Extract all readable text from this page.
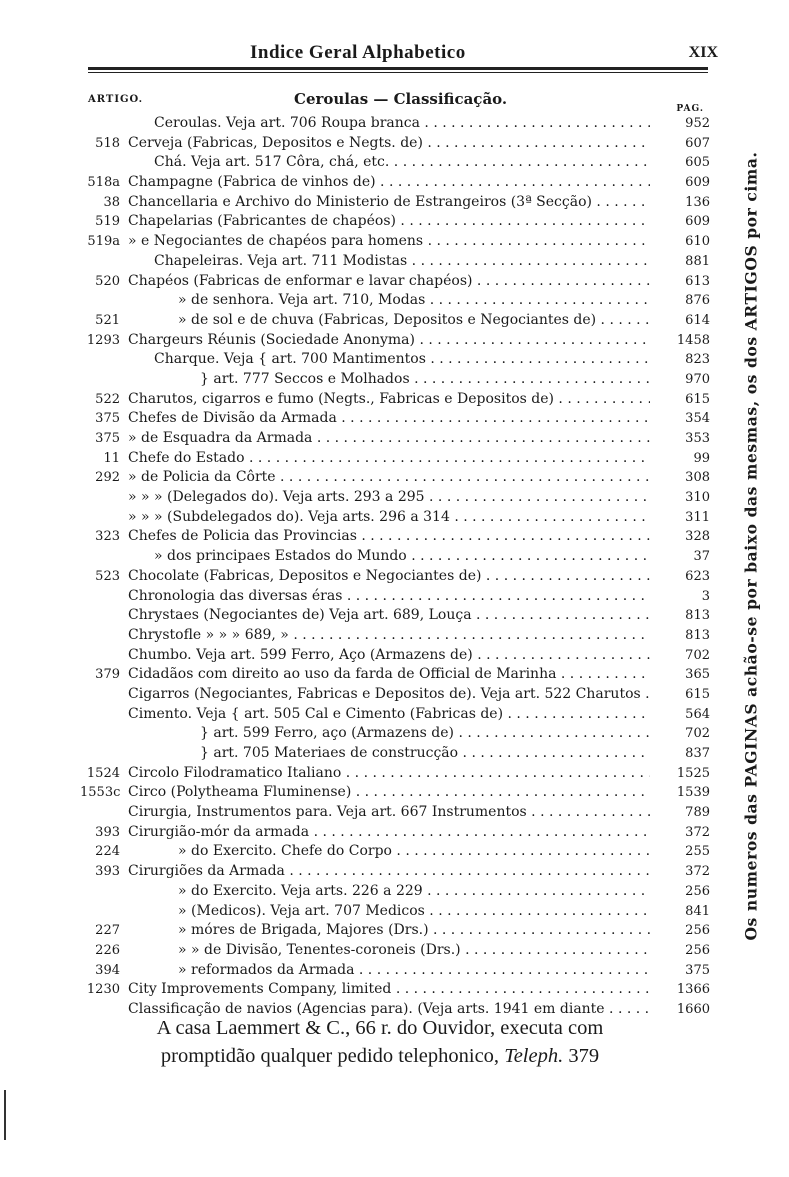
Indice Geral Alphabetico	XIX
ARTIGO.	Ceroulas — Classificação.
PAG.
Ceroulas. Veja art. 706 Roupa branca . . .	952
518 Cerveja (Fabricas, Depositos e Negts. de) . . .	607
Chá. Veja art. 517 Côra, chá, etc. . . .	605
518a Champagne (Fabrica de vinhos de) . . .	609
38 Chancellaria e Archivo do Ministerio de Estrangeiros (3ª Secção) . . .	136
519 Chapelarias (Fabricantes de chapéos) . . .	609
519a » e Negociantes de chapéos para homens . . .	610
Chapeleiras. Veja art. 711 Modistas . . .	881
520 Chapéos (Fabricas de enformar e lavar chapéos) . . .	613
» de senhora. Veja art. 710, Modas . . .	876
521	» de sol e de chuva (Fabricas, Depositos e Negociantes de) . . .	614
1293 Chargeurs Réunis (Sociedade Anonyma) . . .	1458
Charque. Veja { art. 700 Mantimentos . . .	823
} art. 777 Seccos e Molhados . . .	970
522 Charutos, cigarros e fumo (Negts., Fabricas e Depositos de) . . .	615
375 Chefes de Divisão da Armada . . .	354
375 » de Esquadra da Armada . . .	353
11 Chefe do Estado . . .	99
292 » de Policia da Côrte . . .	308
» » » (Delegados do). Veja arts. 293 a 295 . . .	310
» » » (Subdelegados do). Veja arts. 296 a 314 . . .	311
323 Chefes de Policia das Provincias . . .	328
» dos principaes Estados do Mundo . . .	37
523 Chocolate (Fabricas, Depositos e Negociantes de) . . .	623
Chronologia das diversas éras . . .	3
Chrystaes (Negociantes de) Veja art. 689, Louça . . .	813
Chrystofle » » » 689, » . . .	813
Chumbo. Veja art. 599 Ferro, Aço (Armazens de) . . .	702
379 Cidadãos com direito ao uso da farda de Official de Marinha . . .	365
Cigarros (Negociantes, Fabricas e Depositos de). Veja art. 522 Charutos . . .	615
Cimento. Veja { art. 505 Cal e Cimento (Fabricas de) . . .	564
} art. 599 Ferro, aço (Armazens de) . . .	702
} art. 705 Materiaes de construcção . . .	837
1524 Circolo Filodramatico Italiano . . .	1525
1553c Circo (Polytheama Fluminense) . . .	1539
Cirurgia, Instrumentos para. Veja art. 667 Instrumentos . . .	789
393 Cirurgião-mór da armada . . .	372
224	» do Exercito. Chefe do Corpo . . .	255
393 Cirurgiões da Armada . . .	372
» do Exercito. Veja arts. 226 a 229 . . .	256
» (Medicos). Veja art. 707 Medicos . . .	841
227	» móres de Brigada, Majores (Drs.) . . .	256
226	» » de Divisão, Tenentes-coroneis (Drs.) . . .	256
394	» reformados da Armada . . .	375
1230 City Improvements Company, limited . . .	1366
Classificação de navios (Agencias para). (Veja arts. 1941 em diante . . .	1660
Os numeros das PAGINAS achão-se por baixo das mesmas, os dos ARTIGOS por cima.
A casa Laemmert & C., 66 r. do Ouvidor, executa com
promptidão qualquer pedido telephonico, Teleph. 379
